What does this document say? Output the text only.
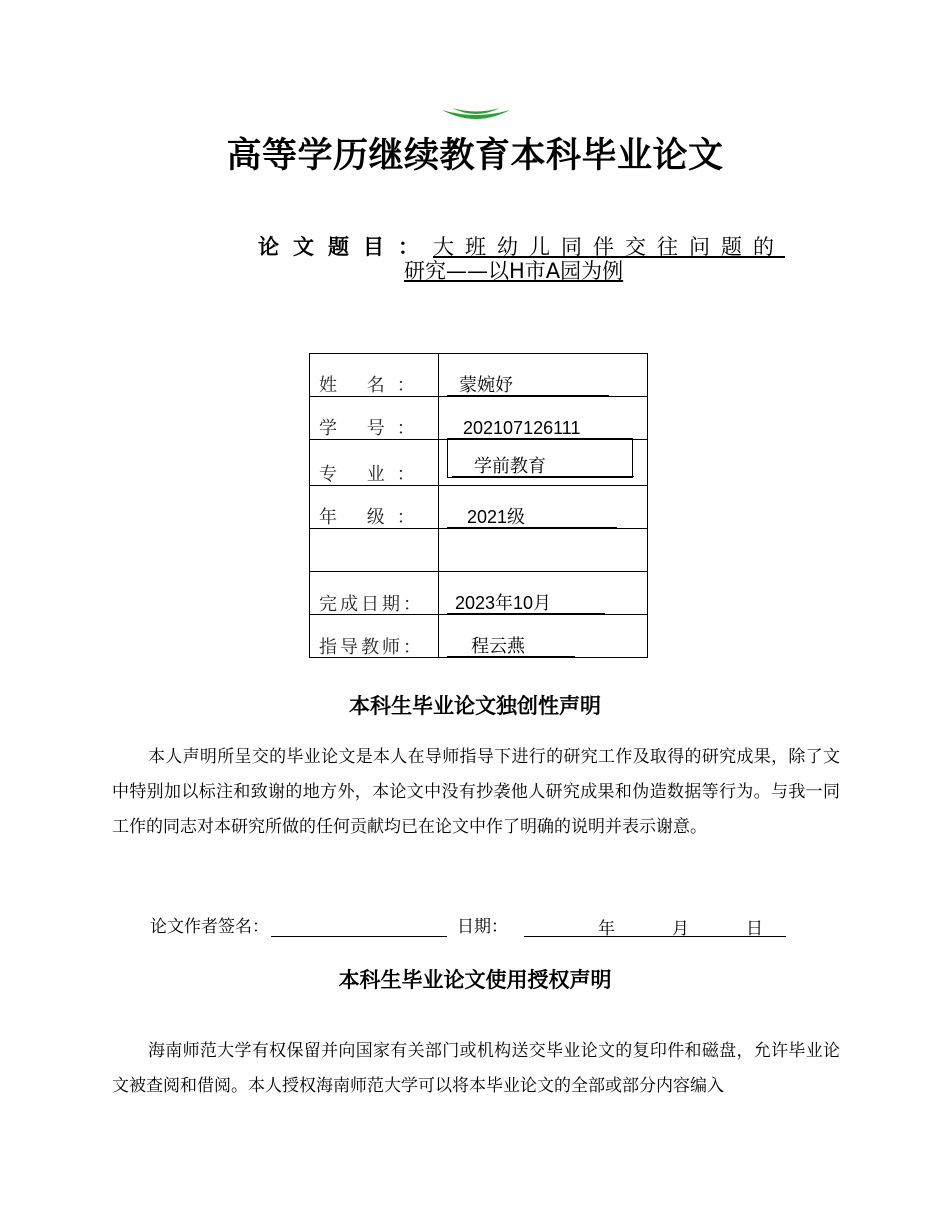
高等学历继续教育本科毕业论文
论文题目：大班幼儿同伴交往问题的
研究——以H市A园为例
姓 名：	蒙婉妤
学 号：	202107126111
专 业：	学前教育

年 级：	2021级

完成日期：	2023年10月

指导教师：	程云燕
本科生毕业论文独创性声明

本人声明所呈交的毕业论文是本人在导师指导下进行的研究工作及取得的研究成果，除了文中特别加以标注和致谢的地方外，本论文中没有抄袭他人研究成果和伪造数据等行为。与我一同工作的同志对本研究所做的任何贡献均已在论文中作了明确的说明并表示谢意。

论文作者签名：	日期：	年	月	日
本科生毕业论文使用授权声明

海南师范大学有权保留并向国家有关部门或机构送交毕业论文的复印件和磁盘，允许毕业论文被查阅和借阅。本人授权海南师范大学可以将本毕业论文的全部或部分内容编入
